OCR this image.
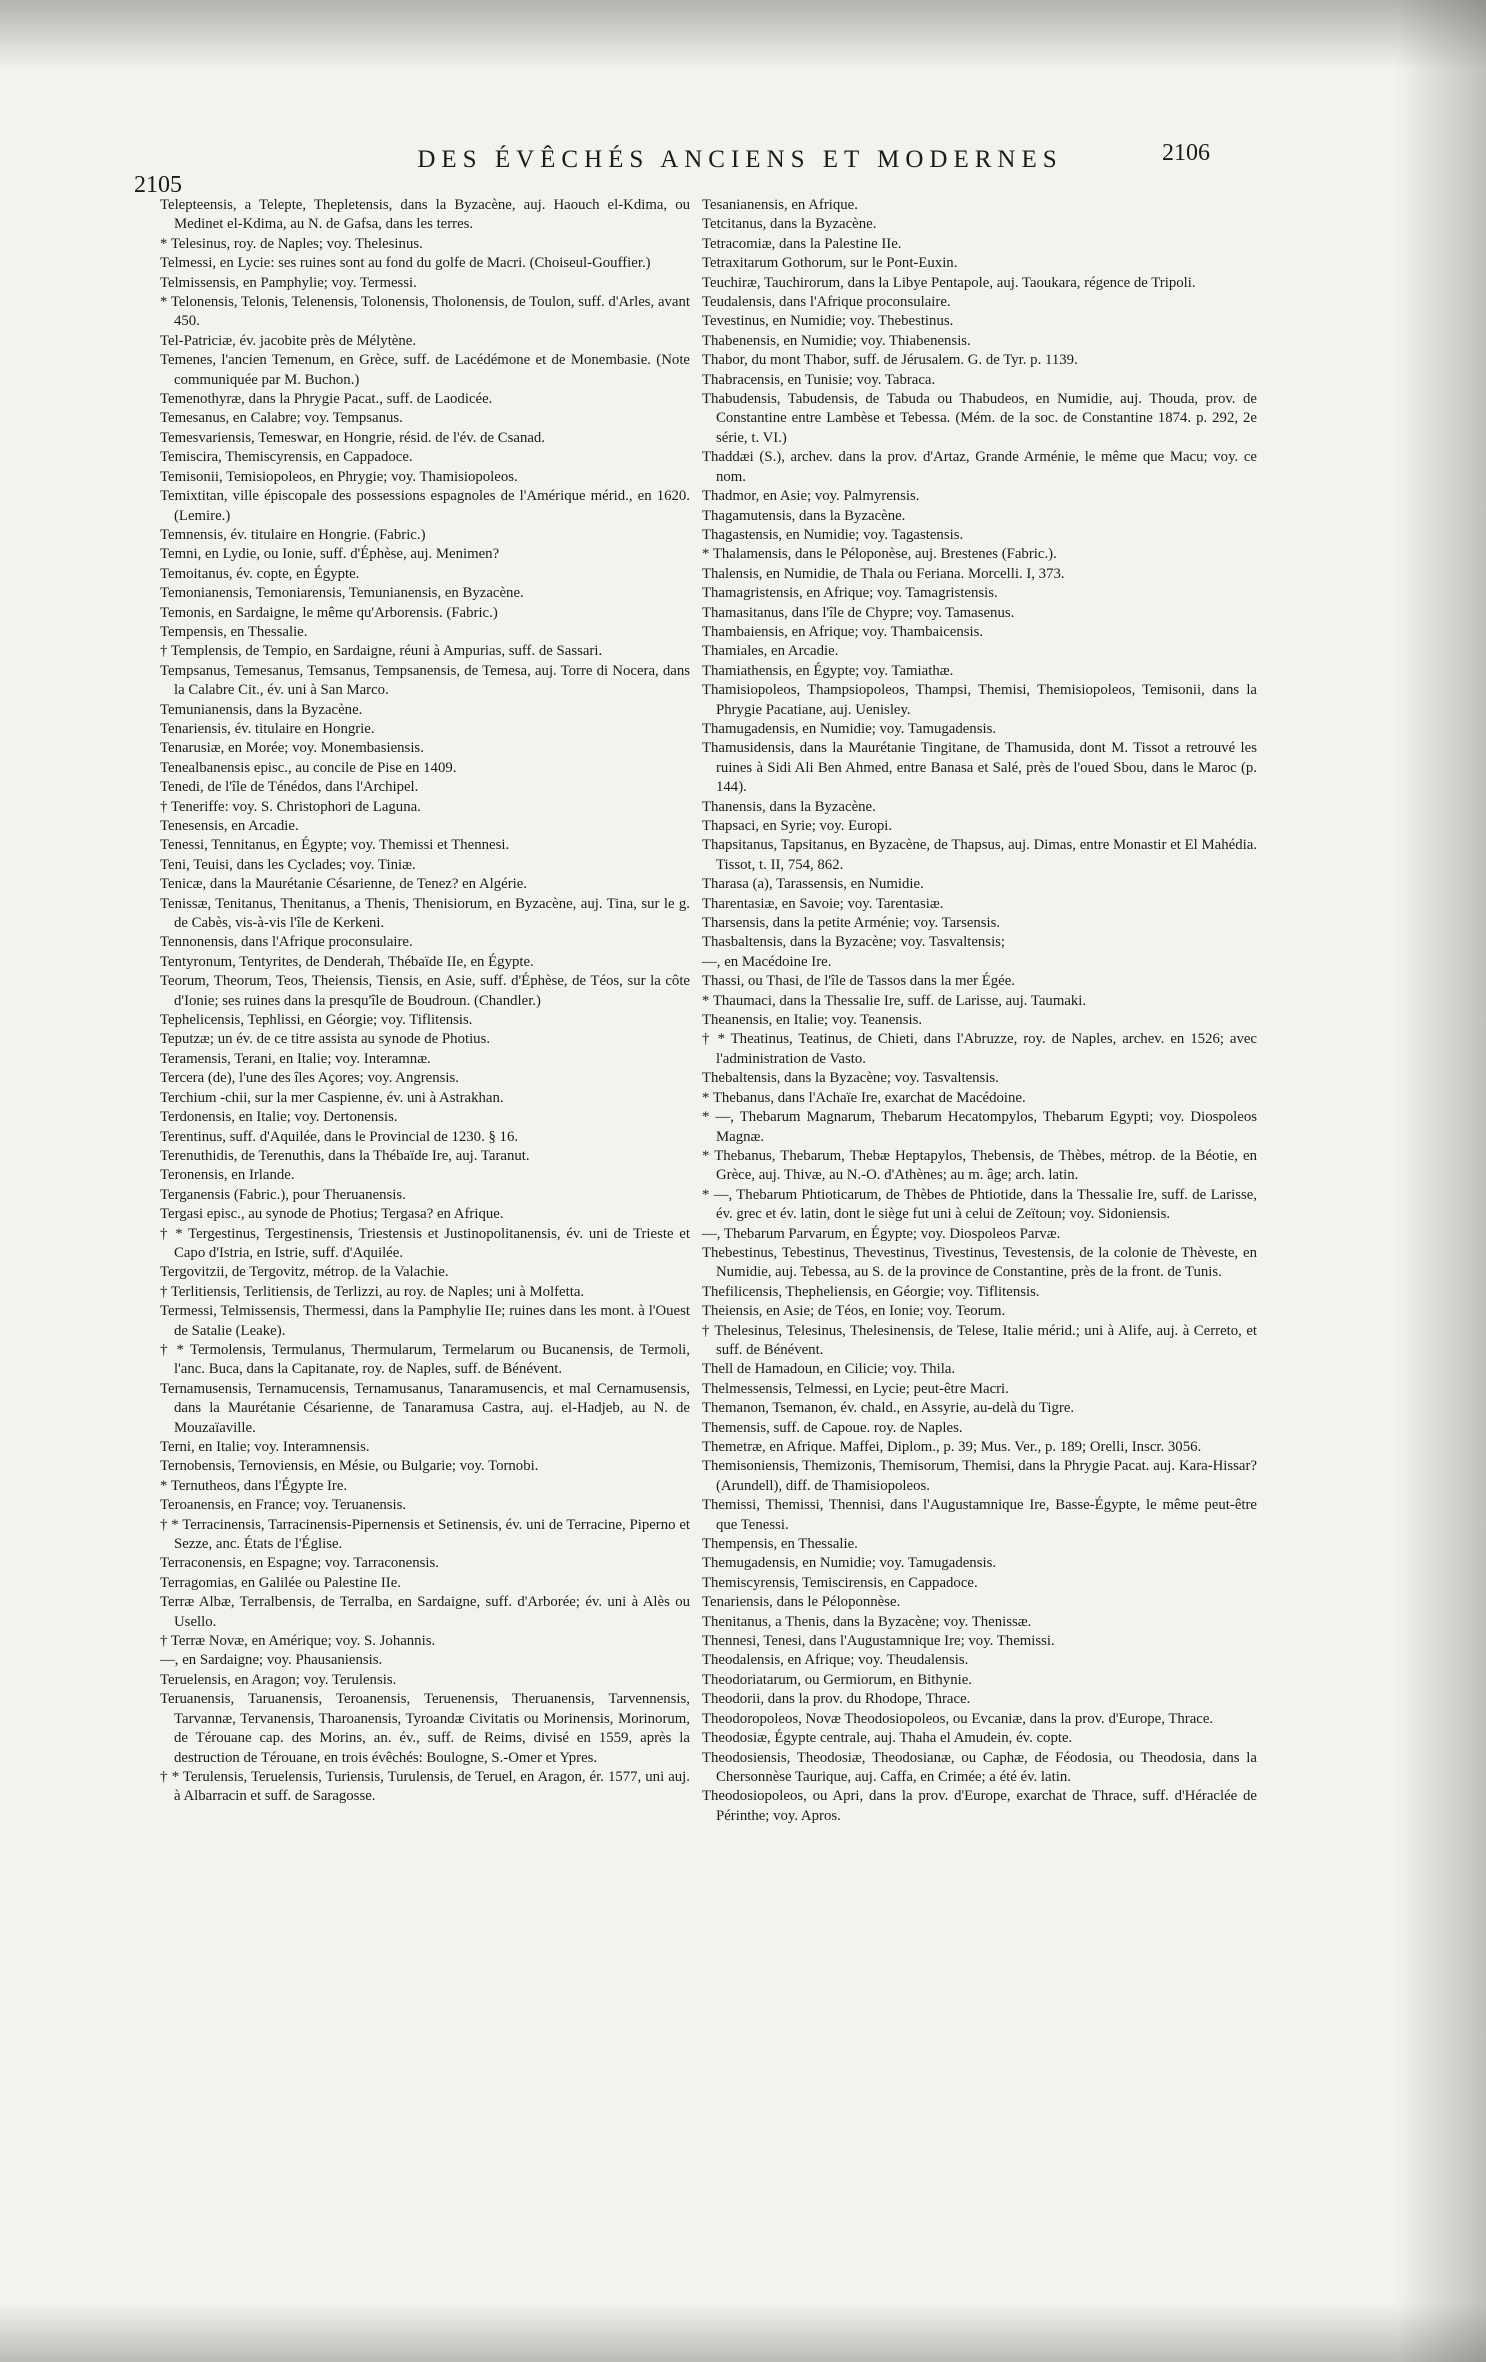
2105
DES ÉVÊCHÉS ANCIENS ET MODERNES	2106

Telepteensis, a Telepte, Thepletensis, dans la Byzacène, auj. Haouch el-Kdima, ou Medinet el-Kdima, au N. de Gafsa, dans les terres.

* Telesinus, roy. de Naples; voy. Thelesinus.

Telmessi, en Lycie: ses ruines sont au fond du golfe de Macri. (Choiseul-Gouffier.)

Telmissensis, en Pamphylie; voy. Termessi.

* Telonensis, Telonis, Telenensis, Tolonensis, Tholonensis, de Toulon, suff. d'Arles, avant 450.

Tel-Patriciæ, év. jacobite près de Mélytène.

Temenes, l'ancien Temenum, en Grèce, suff. de Lacédémone et de Monembasie. (Note communiquée par M. Buchon.)

Temenothyræ, dans la Phrygie Pacat., suff. de Laodicée.

Temesanus, en Calabre; voy. Tempsanus.

Temesvariensis, Temeswar, en Hongrie, résid. de l'év. de Csanad.

Temiscira, Themiscyrensis, en Cappadoce.

Temisonii, Temisiopoleos, en Phrygie; voy. Thamisiopoleos.

Temixtitan, ville épiscopale des possessions espagnoles de l'Amérique mérid., en 1620. (Lemire.)

Temnensis, év. titulaire en Hongrie. (Fabric.)

Temni, en Lydie, ou Ionie, suff. d'Éphèse, auj. Menimen?

Temoitanus, év. copte, en Égypte.

Temonianensis, Temoniarensis, Temunianensis, en Byzacène.

Temonis, en Sardaigne, le même qu'Arborensis. (Fabric.)

Tempensis, en Thessalie.

† Templensis, de Tempio, en Sardaigne, réuni à Ampurias, suff. de Sassari.

Tempsanus, Temesanus, Temsanus, Tempsanensis, de Temesa, auj. Torre di Nocera, dans la Calabre Cit., év. uni à San Marco.

Temunianensis, dans la Byzacène.

Tenariensis, év. titulaire en Hongrie.

Tenarusiæ, en Morée; voy. Monembasiensis.

Tenealbanensis episc., au concile de Pise en 1409.

Tenedi, de l'île de Ténédos, dans l'Archipel.

† Teneriffe: voy. S. Christophori de Laguna.

Tenesensis, en Arcadie.

Tenessi, Tennitanus, en Égypte; voy. Themissi et Thennesi.

Teni, Teuisi, dans les Cyclades; voy. Tiniæ.

Tenicæ, dans la Maurétanie Césarienne, de Tenez? en Algérie.

Tenissæ, Tenitanus, Thenitanus, a Thenis, Thenisiorum, en Byzacène, auj. Tina, sur le g. de Cabès, vis-à-vis l'île de Kerkeni.

Tennonensis, dans l'Afrique proconsulaire.

Tentyronum, Tentyrites, de Denderah, Thébaïde IIe, en Égypte.

Teorum, Theorum, Teos, Theiensis, Tiensis, en Asie, suff. d'Éphèse, de Téos, sur la côte d'Ionie; ses ruines dans la presqu'île de Boudroun. (Chandler.)

Tephelicensis, Tephlissi, en Géorgie; voy. Tiflitensis.

Teputzæ; un év. de ce titre assista au synode de Photius.

Teramensis, Terani, en Italie; voy. Interamnæ.

Tercera (de), l'une des îles Açores; voy. Angrensis.

Terchium -chii, sur la mer Caspienne, év. uni à Astrakhan.

Terdonensis, en Italie; voy. Dertonensis.

Terentinus, suff. d'Aquilée, dans le Provincial de 1230. § 16.

Terenuthidis, de Terenuthis, dans la Thébaïde Ire, auj. Taranut.

Teronensis, en Irlande.

Terganensis (Fabric.), pour Theruanensis.

Tergasi episc., au synode de Photius; Tergasa? en Afrique.

† * Tergestinus, Tergestinensis, Triestensis et Justinopolitanensis, év. uni de Trieste et Capo d'Istria, en Istrie, suff. d'Aquilée.

Tergovitzii, de Tergovitz, métrop. de la Valachie.

† Terlitiensis, Terlitiensis, de Terlizzi, au roy. de Naples; uni à Molfetta.

Termessi, Telmissensis, Thermessi, dans la Pamphylie IIe; ruines dans les mont. à l'Ouest de Satalie (Leake).

† * Termolensis, Termulanus, Thermularum, Termelarum ou Bucanensis, de Termoli, l'anc. Buca, dans la Capitanate, roy. de Naples, suff. de Bénévent.

Ternamusensis, Ternamucensis, Ternamusanus, Tanaramusencis, et mal Cernamusensis, dans la Maurétanie Césarienne, de Tanaramusa Castra, auj. el-Hadjeb, au N. de Mouzaïaville.

Terni, en Italie; voy. Interamnensis.

Ternobensis, Ternoviensis, en Mésie, ou Bulgarie; voy. Tornobi.

* Ternutheos, dans l'Égypte Ire.

Teroanensis, en France; voy. Teruanensis.

† * Terracinensis, Tarracinensis-Pipernensis et Setinensis, év. uni de Terracine, Piperno et Sezze, anc. États de l'Église.

Terraconensis, en Espagne; voy. Tarraconensis.

Terragomias, en Galilée ou Palestine IIe.

Terræ Albæ, Terralbensis, de Terralba, en Sardaigne, suff. d'Arborée; év. uni à Alès ou Usello.

† Terræ Novæ, en Amérique; voy. S. Johannis.

—, en Sardaigne; voy. Phausaniensis.

Teruelensis, en Aragon; voy. Terulensis.

Teruanensis, Taruanensis, Teroanensis, Teruenensis, Theruanensis, Tarvennensis, Tarvannæ, Tervanensis, Tharoanensis, Tyroandæ Civitatis ou Morinensis, Morinorum, de Térouane cap. des Morins, an. év., suff. de Reims, divisé en 1559, après la destruction de Térouane, en trois évêchés: Boulogne, S.-Omer et Ypres.

† * Terulensis, Teruelensis, Turiensis, Turulensis, de Teruel, en Aragon, ér. 1577, uni auj. à Albarracin et suff. de Saragosse.

Tesanianensis, en Afrique.

Tetcitanus, dans la Byzacène.

Tetracomiæ, dans la Palestine IIe.

Tetraxitarum Gothorum, sur le Pont-Euxin.

Teuchiræ, Tauchirorum, dans la Libye Pentapole, auj. Taoukara, régence de Tripoli.

Teudalensis, dans l'Afrique proconsulaire.

Tevestinus, en Numidie; voy. Thebestinus.

Thabenensis, en Numidie; voy. Thiabenensis.

Thabor, du mont Thabor, suff. de Jérusalem. G. de Tyr. p. 1139.

Thabracensis, en Tunisie; voy. Tabraca.

Thabudensis, Tabudensis, de Tabuda ou Thabudeos, en Numidie, auj. Thouda, prov. de Constantine entre Lambèse et Tebessa. (Mém. de la soc. de Constantine 1874. p. 292, 2e série, t. VI.)

Thaddæi (S.), archev. dans la prov. d'Artaz, Grande Arménie, le même que Macu; voy. ce nom.

Thadmor, en Asie; voy. Palmyrensis.

Thagamutensis, dans la Byzacène.

Thagastensis, en Numidie; voy. Tagastensis.

* Thalamensis, dans le Péloponèse, auj. Brestenes (Fabric.).

Thalensis, en Numidie, de Thala ou Feriana. Morcelli. I, 373.

Thamagristensis, en Afrique; voy. Tamagristensis.

Thamasitanus, dans l'île de Chypre; voy. Tamasenus.

Thambaiensis, en Afrique; voy. Thambaicensis.

Thamiales, en Arcadie.

Thamiathensis, en Égypte; voy. Tamiathæ.

Thamisiopoleos, Thampsiopoleos, Thampsi, Themisi, Themisiopoleos, Temisonii, dans la Phrygie Pacatiane, auj. Uenisley.

Thamugadensis, en Numidie; voy. Tamugadensis.

Thamusidensis, dans la Maurétanie Tingitane, de Thamusida, dont M. Tissot a retrouvé les ruines à Sidi Ali Ben Ahmed, entre Banasa et Salé, près de l'oued Sbou, dans le Maroc (p. 144).

Thanensis, dans la Byzacène.

Thapsaci, en Syrie; voy. Europi.

Thapsitanus, Tapsitanus, en Byzacène, de Thapsus, auj. Dimas, entre Monastir et El Mahédia. Tissot, t. II, 754, 862.

Tharasa (a), Tarassensis, en Numidie.

Tharentasiæ, en Savoie; voy. Tarentasiæ.

Tharsensis, dans la petite Arménie; voy. Tarsensis.

Thasbaltensis, dans la Byzacène; voy. Tasvaltensis;

—, en Macédoine Ire.

Thassi, ou Thasi, de l'île de Tassos dans la mer Égée.

* Thaumaci, dans la Thessalie Ire, suff. de Larisse, auj. Taumaki.

Theanensis, en Italie; voy. Teanensis.

† * Theatinus, Teatinus, de Chieti, dans l'Abruzze, roy. de Naples, archev. en 1526; avec l'administration de Vasto.

Thebaltensis, dans la Byzacène; voy. Tasvaltensis.

* Thebanus, dans l'Achaïe Ire, exarchat de Macédoine.

* —, Thebarum Magnarum, Thebarum Hecatompylos, Thebarum Egypti; voy. Diospoleos Magnæ.

* Thebanus, Thebarum, Thebæ Heptapylos, Thebensis, de Thèbes, métrop. de la Béotie, en Grèce, auj. Thivæ, au N.-O. d'Athènes; au m. âge; arch. latin.

* —, Thebarum Phtioticarum, de Thèbes de Phtiotide, dans la Thessalie Ire, suff. de Larisse, év. grec et év. latin, dont le siège fut uni à celui de Zeïtoun; voy. Sidoniensis.

—, Thebarum Parvarum, en Égypte; voy. Diospoleos Parvæ.

Thebestinus, Tebestinus, Thevestinus, Tivestinus, Tevestensis, de la colonie de Thèveste, en Numidie, auj. Tebessa, au S. de la province de Constantine, près de la front. de Tunis.

Thefilicensis, Thepheliensis, en Géorgie; voy. Tiflitensis.

Theiensis, en Asie; de Téos, en Ionie; voy. Teorum.

† Thelesinus, Telesinus, Thelesinensis, de Telese, Italie mérid.; uni à Alife, auj. à Cerreto, et suff. de Bénévent.

Thell de Hamadoun, en Cilicie; voy. Thila.

Thelmessensis, Telmessi, en Lycie; peut-être Macri.

Themanon, Tsemanon, év. chald., en Assyrie, au-delà du Tigre.

Themensis, suff. de Capoue. roy. de Naples.

Themetræ, en Afrique. Maffei, Diplom., p. 39; Mus. Ver., p. 189; Orelli, Inscr. 3056.

Themisoniensis, Themizonis, Themisorum, Themisi, dans la Phrygie Pacat. auj. Kara-Hissar? (Arundell), diff. de Thamisiopoleos.

Themissi, Themissi, Thennisi, dans l'Augustamnique Ire, Basse-Égypte, le même peut-être que Tenessi.

Thempensis, en Thessalie.

Themugadensis, en Numidie; voy. Tamugadensis.

Themiscyrensis, Temiscirensis, en Cappadoce.

Tenariensis, dans le Péloponnèse.

Thenitanus, a Thenis, dans la Byzacène; voy. Thenissæ.

Thennesi, Tenesi, dans l'Augustamnique Ire; voy. Themissi.

Theodalensis, en Afrique; voy. Theudalensis.

Theodoriatarum, ou Germiorum, en Bithynie.

Theodorii, dans la prov. du Rhodope, Thrace.

Theodoropoleos, Novæ Theodosiopoleos, ou Evcaniæ, dans la prov. d'Europe, Thrace.

Theodosiæ, Égypte centrale, auj. Thaha el Amudein, év. copte.

Theodosiensis, Theodosiæ, Theodosianæ, ou Caphæ, de Féodosia, ou Theodosia, dans la Chersonnèse Taurique, auj. Caffa, en Crimée; a été év. latin.

Theodosiopoleos, ou Apri, dans la prov. d'Europe, exarchat de Thrace, suff. d'Héraclée de Périnthe; voy. Apros.
